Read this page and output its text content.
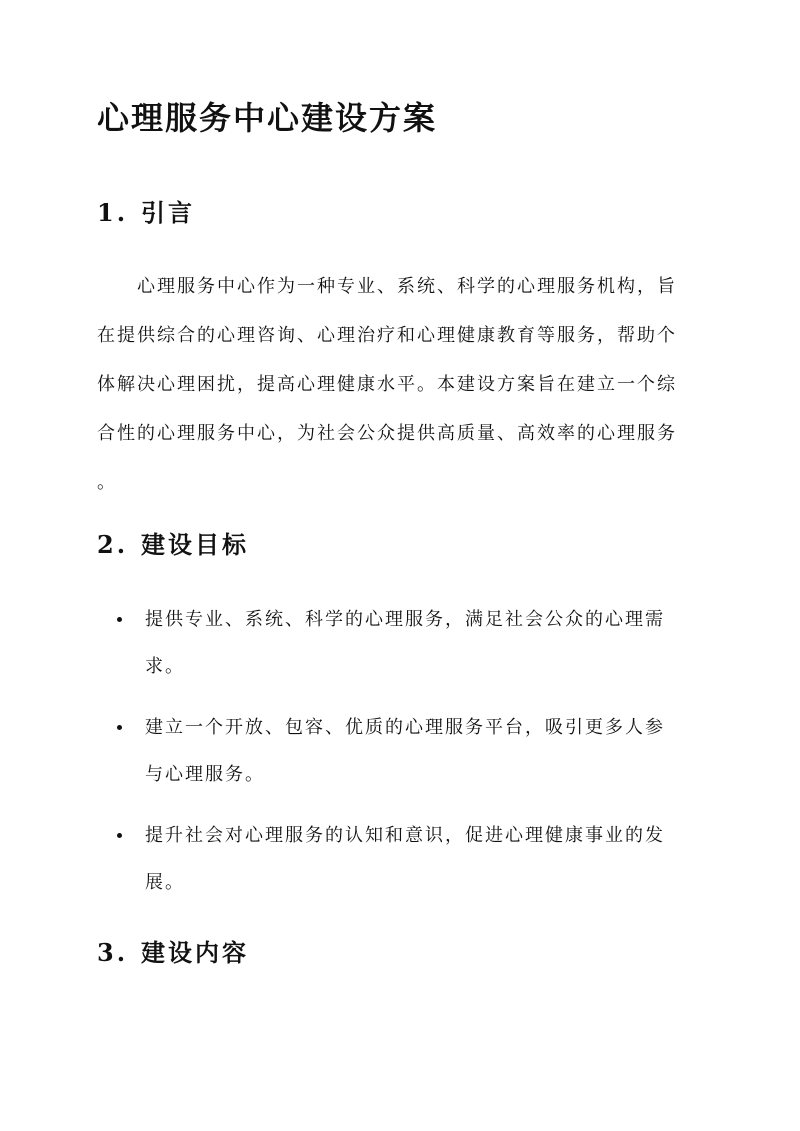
心理服务中心建设方案
1. 引言

　　心理服务中心作为一种专业、系统、科学的心理服务机构，旨
在提供综合的心理咨询、心理治疗和心理健康教育等服务，帮助个
体解决心理困扰，提高心理健康水平。本建设方案旨在建立一个综
合性的心理服务中心，为社会公众提供高质量、高效率的心理服务
。

2. 建设目标
提供专业、系统、科学的心理服务，满足社会公众的心理需
求。
建立一个开放、包容、优质的心理服务平台，吸引更多人参
与心理服务。
提升社会对心理服务的认知和意识，促进心理健康事业的发
展。
3. 建设内容
